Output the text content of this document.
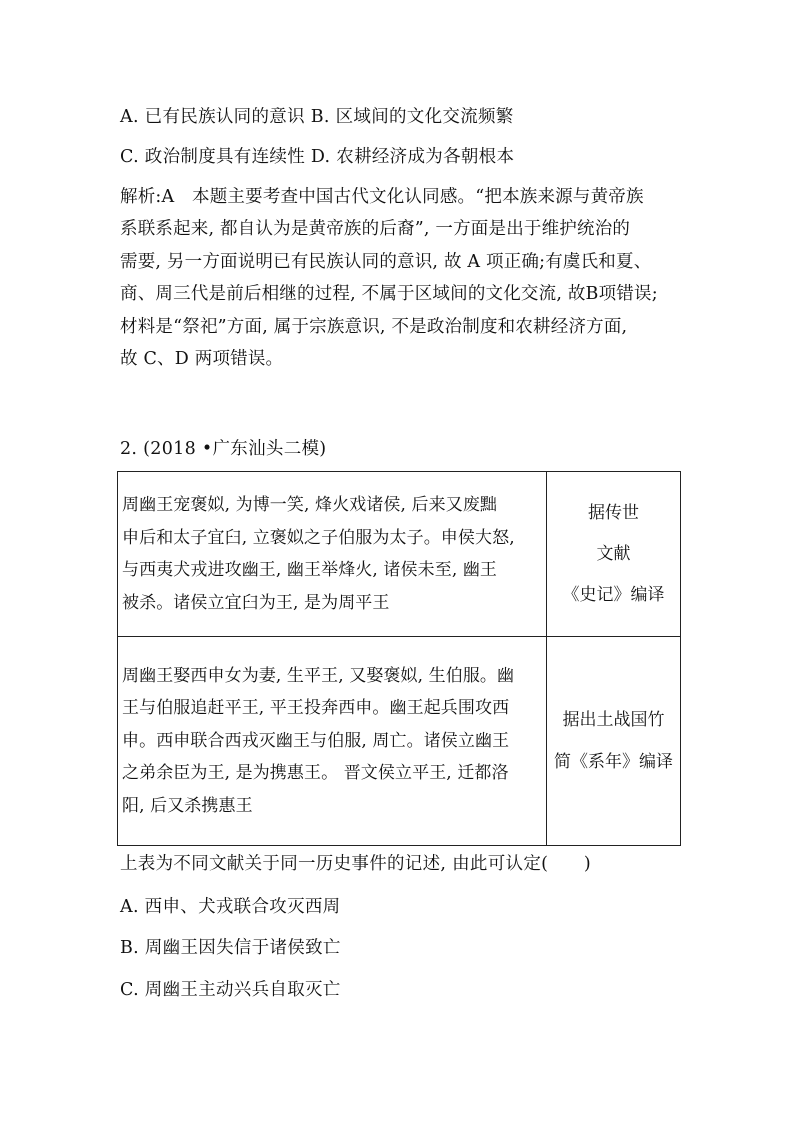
A. 已有民族认同的意识 B. 区域间的文化交流频繁
C. 政治制度具有连续性 D. 农耕经济成为各朝根本
解析:A　本题主要考查中国古代文化认同感。“把本族来源与黄帝族
系联系起来, 都自认为是黄帝族的后裔”, 一方面是出于维护统治的
需要, 另一方面说明已有民族认同的意识, 故 A 项正确;有虞氏和夏、
商、周三代是前后相继的过程, 不属于区域间的文化交流, 故B项错误;
材料是“祭祀”方面, 属于宗族意识, 不是政治制度和农耕经济方面,
故 C、D 两项错误。
2. (2018 •广东汕头二模)
周幽王宠褒姒, 为博一笑, 烽火戏诸侯, 后来又废黜
申后和太子宜臼, 立褒姒之子伯服为太子。申侯大怒,
与西夷犬戎进攻幽王, 幽王举烽火, 诸侯未至, 幽王
被杀。诸侯立宜臼为王, 是为周平王	据传世
文献
《史记》编译

周幽王娶西申女为妻, 生平王, 又娶褒姒, 生伯服。幽
王与伯服追赶平王, 平王投奔西申。幽王起兵围攻西
申。西申联合西戎灭幽王与伯服, 周亡。诸侯立幽王
之弟余臣为王, 是为携惠王。 晋文侯立平王, 迁都洛
阳, 后又杀携惠王	据出土战国竹
简《系年》编译
上表为不同文献关于同一历史事件的记述, 由此可认定(　　)
A. 西申、犬戎联合攻灭西周
B. 周幽王因失信于诸侯致亡
C. 周幽王主动兴兵自取灭亡
